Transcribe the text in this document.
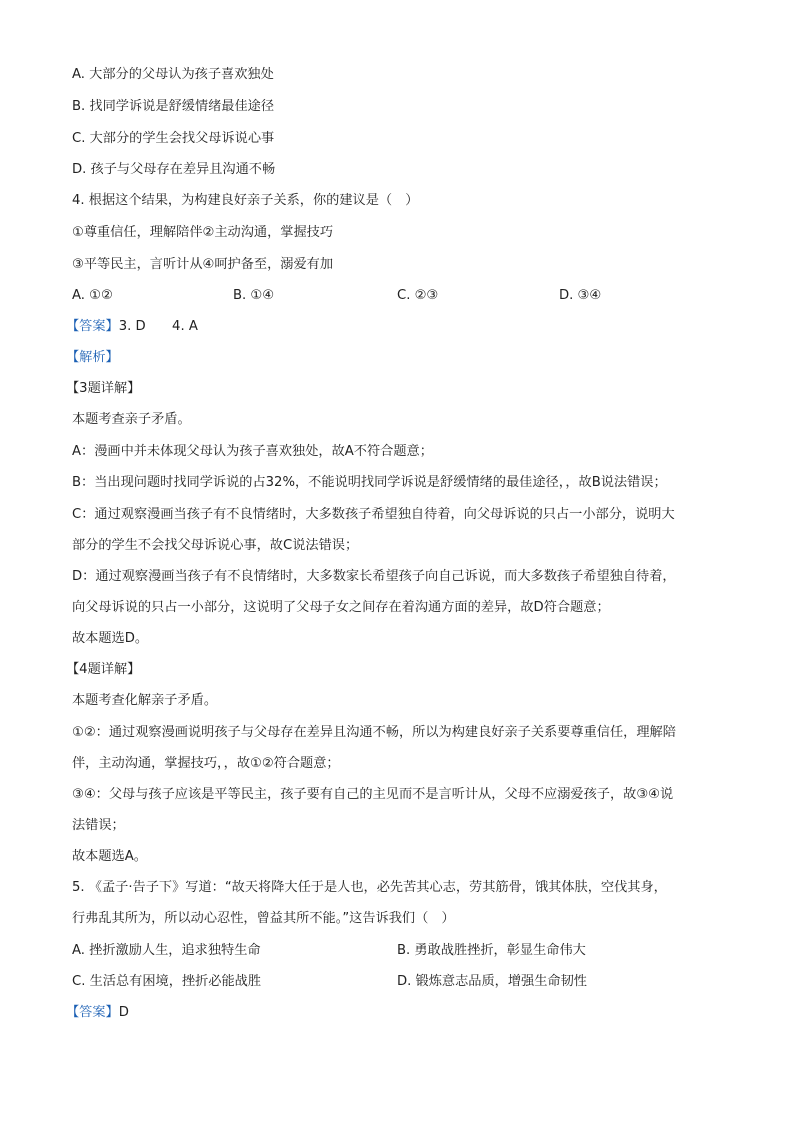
A. 大部分的父母认为孩子喜欢独处
B. 找同学诉说是舒缓情绪最佳途径
C. 大部分的学生会找父母诉说心事
D. 孩子与父母存在差异且沟通不畅
4. 根据这个结果，为构建良好亲子关系，你的建议是（　）
①尊重信任，理解陪伴②主动沟通，掌握技巧
③平等民主，言听计从④呵护备至，溺爱有加
A. ①②	B. ①④	C. ②③	D. ③④
【答案】3. D　　4. A
【解析】
【3题详解】
本题考查亲子矛盾。
A：漫画中并未体现父母认为孩子喜欢独处，故A不符合题意；
B：当出现问题时找同学诉说的占32%，不能说明找同学诉说是舒缓情绪的最佳途径，，故B说法错误；
C：通过观察漫画当孩子有不良情绪时，大多数孩子希望独自待着，向父母诉说的只占一小部分，说明大
部分的学生不会找父母诉说心事，故C说法错误；
D：通过观察漫画当孩子有不良情绪时，大多数家长希望孩子向自己诉说，而大多数孩子希望独自待着，
向父母诉说的只占一小部分，这说明了父母子女之间存在着沟通方面的差异，故D符合题意；
故本题选D。
【4题详解】
本题考查化解亲子矛盾。
①②：通过观察漫画说明孩子与父母存在差异且沟通不畅，所以为构建良好亲子关系要尊重信任，理解陪
伴，主动沟通，掌握技巧，，故①②符合题意；
③④：父母与孩子应该是平等民主，孩子要有自己的主见而不是言听计从，父母不应溺爱孩子，故③④说
法错误；
故本题选A。
5. 《孟子·告子下》写道：“故天将降大任于是人也，必先苦其心志，劳其筋骨，饿其体肤，空伐其身，
行弗乱其所为，所以动心忍性，曾益其所不能。”这告诉我们（　）
A. 挫折激励人生，追求独特生命	B. 勇敢战胜挫折，彰显生命伟大
C. 生活总有困境，挫折必能战胜	D. 锻炼意志品质，增强生命韧性
【答案】D
